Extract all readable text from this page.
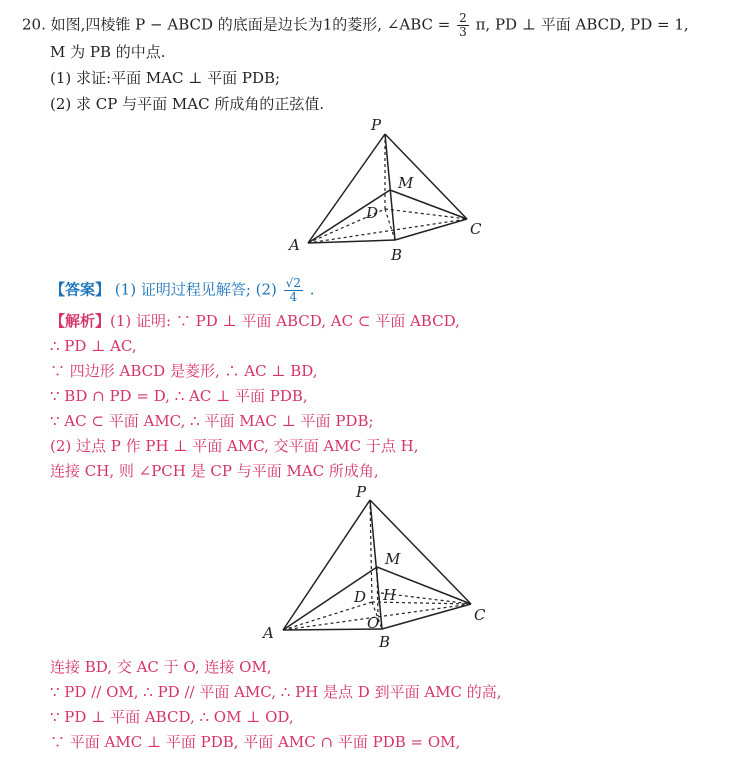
20. 如图,四棱锥 P − ABCD 的底面是边长为1的菱形, ∠ABC = $\frac{2}{3} \pi$, PD ⊥ 平面 ABCD, PD = 1,
M 为 PB 的中点.
(1) 求证:平面 MAC ⊥ 平面 PDB;
(2) 求 CP 与平面 MAC 所成角的正弦值.
P
M
D
A
B
C
【答案】 (1) 证明过程见解答; $(2) \frac{√2}{4}$ .
【解析】(1) 证明: ∵ PD ⊥ 平面 ABCD, AC ⊂ 平面 ABCD,
∴ PD ⊥ AC,
∵ 四边形 ABCD 是菱形, ∴ AC ⊥ BD,
∵ BD ∩ PD = D, ∴ AC ⊥ 平面 PDB,
∵ AC ⊂ 平面 AMC, ∴ 平面 MAC ⊥ 平面 PDB;
(2) 过点 P 作 PH ⊥ 平面 AMC, 交平面 AMC 于点 H,
连接 CH, 则 ∠PCH 是 CP 与平面 MAC 所成角,
P
M
D H
O
A	B
C
连接 BD, 交 AC 于 O, 连接 OM,
∵ PD // OM, ∴ PD // 平面 AMC, ∴ PH 是点 D 到平面 AMC 的高,
∵ PD ⊥ 平面 ABCD, ∴ OM ⊥ OD,
∵ 平面 AMC ⊥ 平面 PDB, 平面 AMC ∩ 平面 PDB = OM,
